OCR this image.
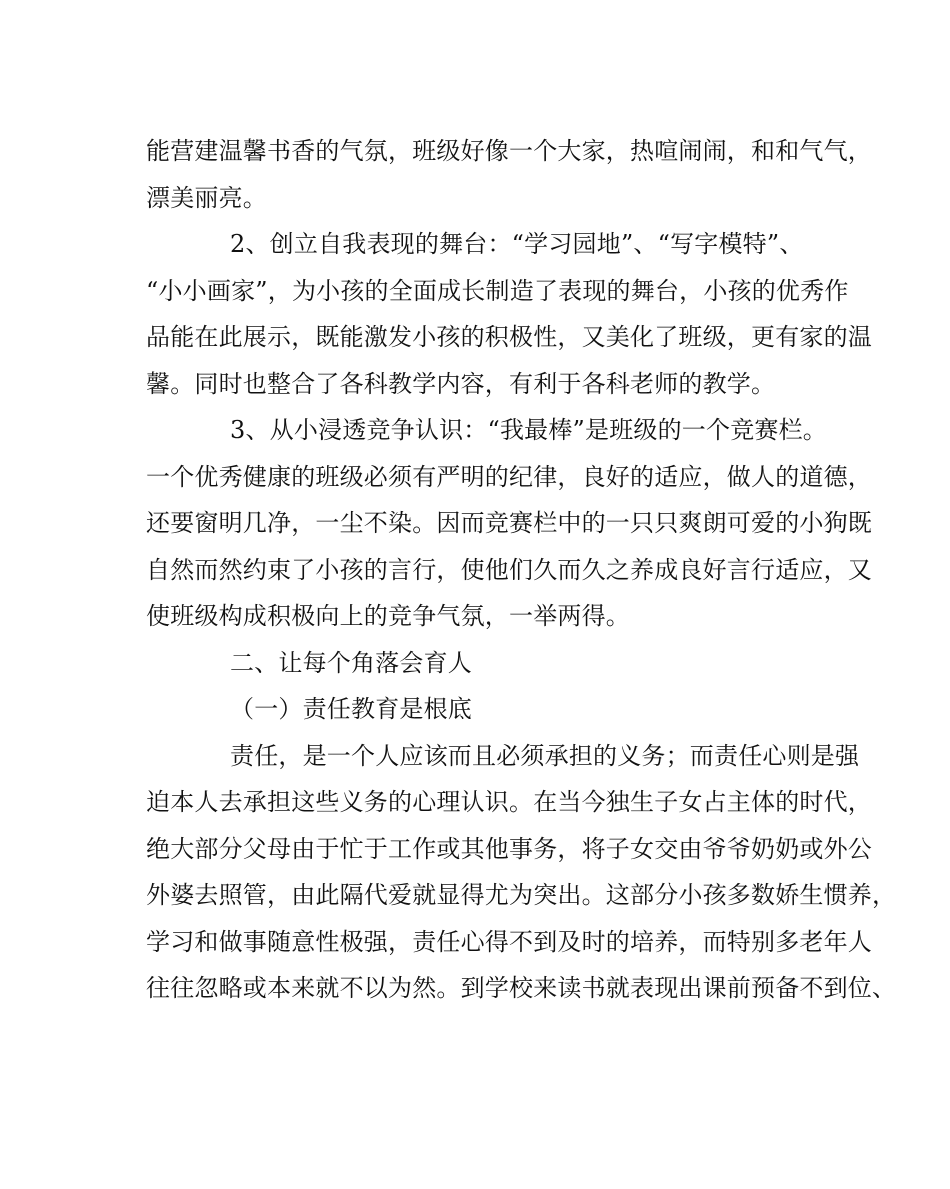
能营建温馨书香的气氛，班级好像一个大家，热喧闹闹，和和气气，
漂美丽亮。
2、创立自我表现的舞台：“学习园地”、“写字模特”、
“小小画家”，为小孩的全面成长制造了表现的舞台，小孩的优秀作
品能在此展示，既能激发小孩的积极性，又美化了班级，更有家的温
馨。同时也整合了各科教学内容，有利于各科老师的教学。
3、从小浸透竞争认识：“我最棒”是班级的一个竞赛栏。
一个优秀健康的班级必须有严明的纪律，良好的适应，做人的道德，
还要窗明几净，一尘不染。因而竞赛栏中的一只只爽朗可爱的小狗既
自然而然约束了小孩的言行，使他们久而久之养成良好言行适应，又
使班级构成积极向上的竞争气氛，一举两得。
二、让每个角落会育人
（一）责任教育是根底
责任，是一个人应该而且必须承担的义务；而责任心则是强
迫本人去承担这些义务的心理认识。在当今独生子女占主体的时代，
绝大部分父母由于忙于工作或其他事务，将子女交由爷爷奶奶或外公
外婆去照管，由此隔代爱就显得尤为突出。这部分小孩多数娇生惯养，
学习和做事随意性极强，责任心得不到及时的培养，而特别多老年人
往往忽略或本来就不以为然。到学校来读书就表现出课前预备不到位、
